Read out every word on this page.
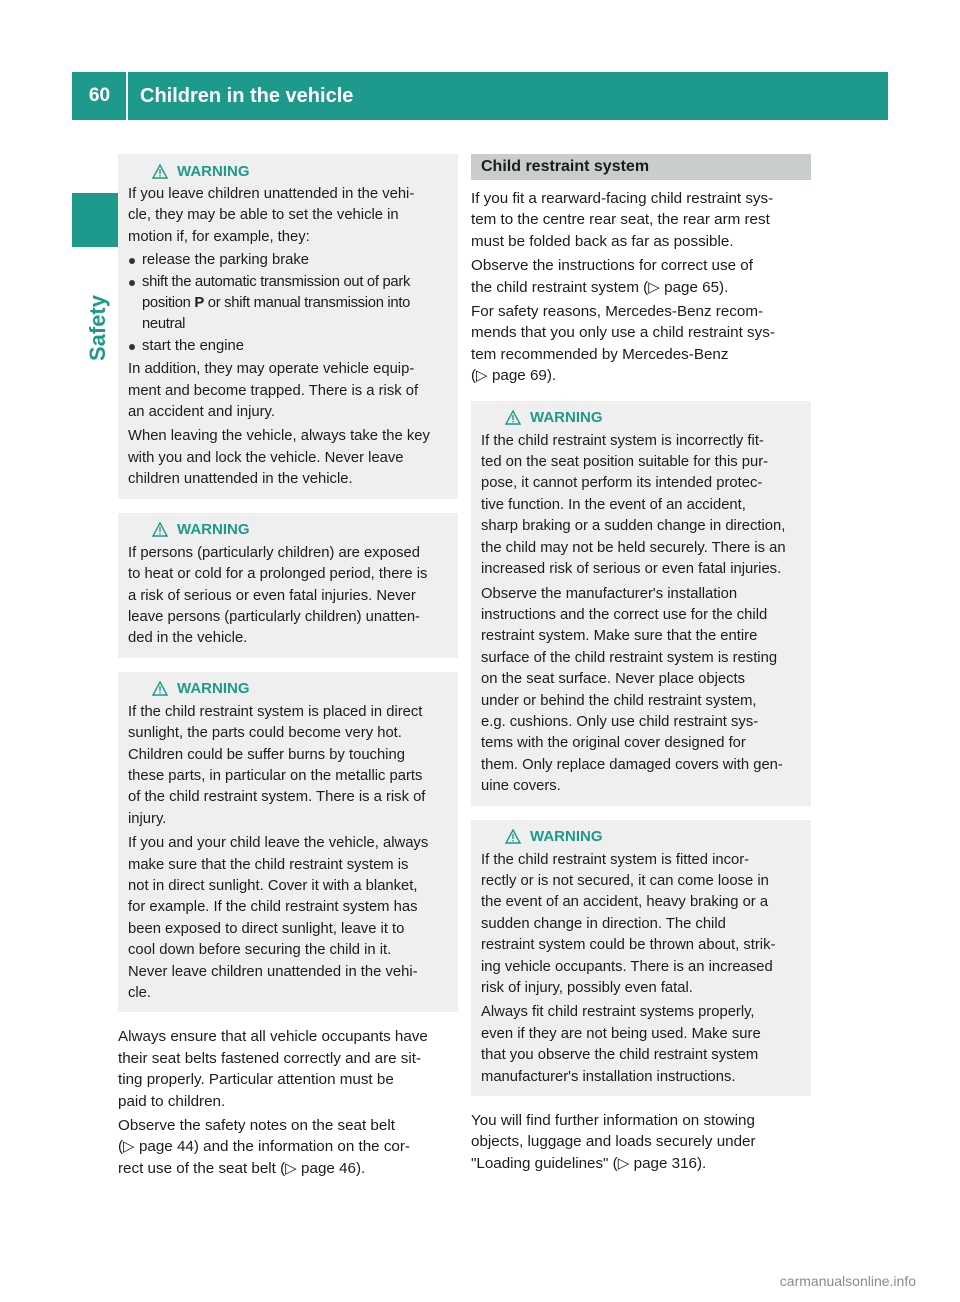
60	Children in the vehicle
Safety
WARNING

If you leave children unattended in the vehi-
cle, they may be able to set the vehicle in
motion if, for example, they:

release the parking brake
shift the automatic transmission out of park position P or shift manual transmission into neutral
start the engine

In addition, they may operate vehicle equip-
ment and become trapped. There is a risk of
an accident and injury.

When leaving the vehicle, always take the key
with you and lock the vehicle. Never leave
children unattended in the vehicle.

WARNING

If persons (particularly children) are exposed
to heat or cold for a prolonged period, there is
a risk of serious or even fatal injuries. Never
leave persons (particularly children) unatten-
ded in the vehicle.

WARNING

If the child restraint system is placed in direct
sunlight, the parts could become very hot.
Children could be suffer burns by touching
these parts, in particular on the metallic parts
of the child restraint system. There is a risk of
injury.

If you and your child leave the vehicle, always
make sure that the child restraint system is
not in direct sunlight. Cover it with a blanket,
for example. If the child restraint system has
been exposed to direct sunlight, leave it to
cool down before securing the child in it.
Never leave children unattended in the vehi-
cle.

Always ensure that all vehicle occupants have
their seat belts fastened correctly and are sit-
ting properly. Particular attention must be
paid to children.

Observe the safety notes on the seat belt
(▷ page 44) and the information on the cor-
rect use of the seat belt (▷ page 46).

Child restraint system

If you fit a rearward-facing child restraint sys-
tem to the centre rear seat, the rear arm rest
must be folded back as far as possible.

Observe the instructions for correct use of
the child restraint system (▷ page 65).

For safety reasons, Mercedes-Benz recom-
mends that you only use a child restraint sys-
tem recommended by Mercedes-Benz
(▷ page 69).

WARNING

If the child restraint system is incorrectly fit-
ted on the seat position suitable for this pur-
pose, it cannot perform its intended protec-
tive function. In the event of an accident,
sharp braking or a sudden change in direction,
the child may not be held securely. There is an
increased risk of serious or even fatal injuries.

Observe the manufacturer's installation
instructions and the correct use for the child
restraint system. Make sure that the entire
surface of the child restraint system is resting
on the seat surface. Never place objects
under or behind the child restraint system,
e.g. cushions. Only use child restraint sys-
tems with the original cover designed for
them. Only replace damaged covers with gen-
uine covers.

WARNING

If the child restraint system is fitted incor-
rectly or is not secured, it can come loose in
the event of an accident, heavy braking or a
sudden change in direction. The child
restraint system could be thrown about, strik-
ing vehicle occupants. There is an increased
risk of injury, possibly even fatal.

Always fit child restraint systems properly,
even if they are not being used. Make sure
that you observe the child restraint system
manufacturer's installation instructions.

You will find further information on stowing
objects, luggage and loads securely under
"Loading guidelines" (▷ page 316).

carmanualsonline.info
